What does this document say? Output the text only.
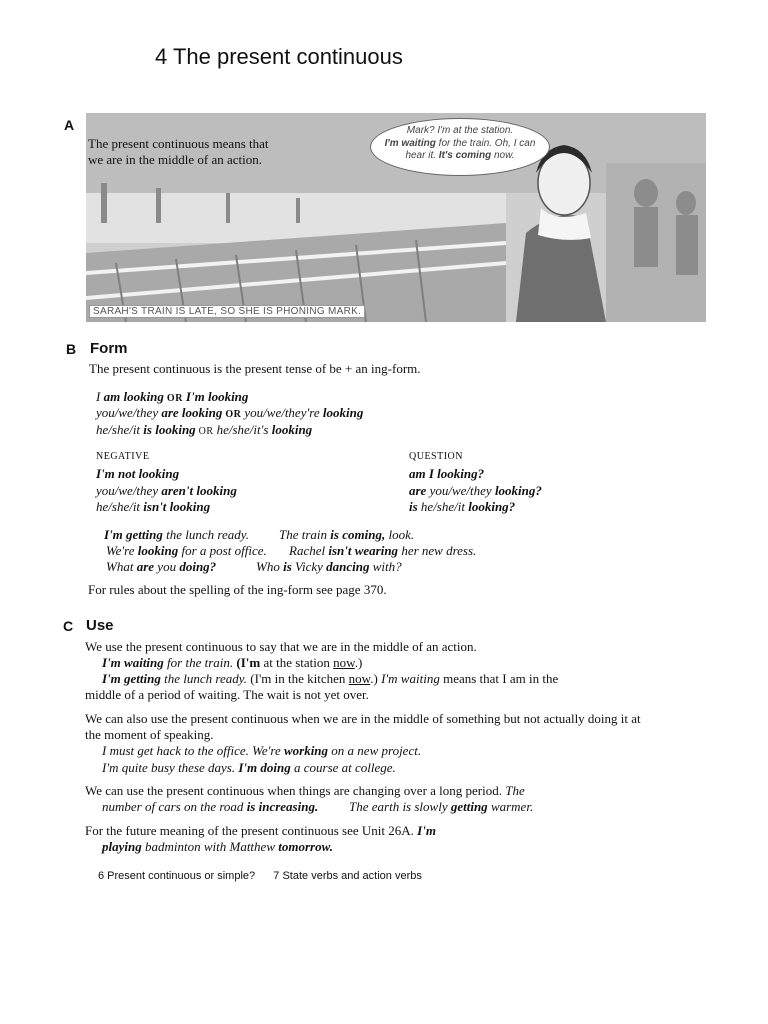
4 The present continuous
A
The present continuous means that
we are in the middle of an action.
Mark? I'm at the station.
I'm waiting for the train. Oh, I can
hear it. It's coming now.
SARAH'S TRAIN IS LATE, SO SHE IS PHONING MARK.
B Form
The present continuous is the present tense of be + an ing-form.
I am looking OR I'm looking
you/we/they are looking OR you/we/they're looking
he/she/it is looking OR he/she/it's looking
NEGATIVE
I'm not looking
you/we/they aren't looking
he/she/it isn't looking
QUESTION
am I looking?
are you/we/they looking?
is he/she/it looking?
I'm getting the lunch ready. The train is coming, look.
We're looking for a post office. Rachel isn't wearing her new dress.
What are you doing?	Who is Vicky dancing with?
For rules about the spelling of the ing-form see page 370.
C Use
We use the present continuous to say that we are in the middle of an action.
I'm waiting for the train. (I'm at the station now.)
I'm getting the lunch ready. (I'm in the kitchen now.) I'm waiting means that I am in the
middle of a period of waiting. The wait is not yet over.
We can also use the present continuous when we are in the middle of something but not actually doing it at
the moment of speaking.
I must get hack to the office. We're working on a new project.
I'm quite busy these days. I'm doing a course at college.
We can use the present continuous when things are changing over a long period. The
number of cars on the road is increasing. The earth is slowly getting warmer.
For the future meaning of the present continuous see Unit 26A. I'm
playing badminton with Matthew tomorrow.
6 Present continuous or simple? 7 State verbs and action verbs
